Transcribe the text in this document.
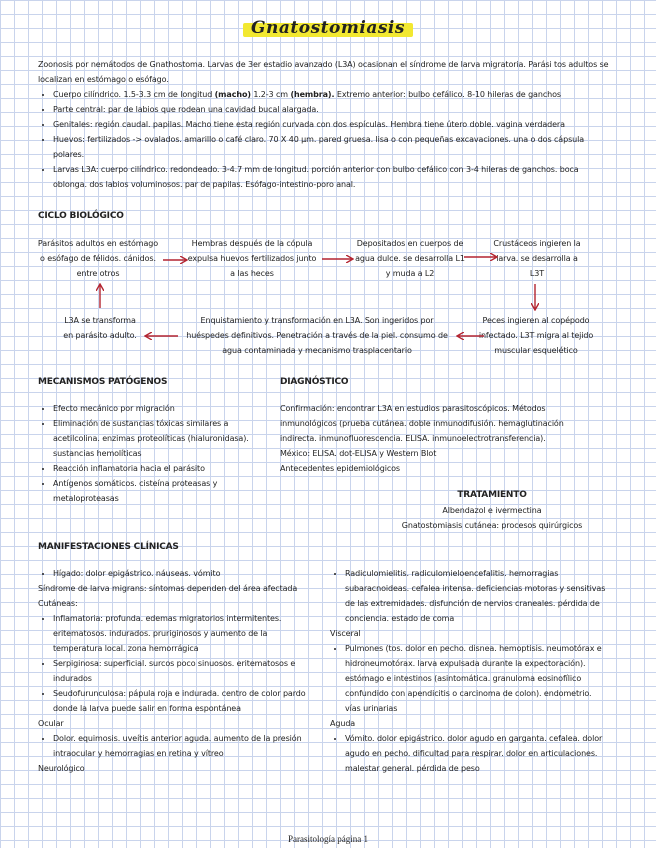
Gnatostomiasis

Zoonosis por nemátodos de Gnathostoma. Larvas de 3er estadio avanzado (L3A) ocasionan el síndrome de larva migratoria. Parási tos adultos se localizan en estómago o esófago.

• Cuerpo cilíndrico. 1.5-3.3 cm de longitud (macho) 1.2-3 cm (hembra). Extremo anterior: bulbo cefálico. 8-10 hileras de ganchos
• Parte central: par de labios que rodean una cavidad bucal alargada.
• Genitales: región caudal. papilas. Macho tiene esta región curvada con dos espículas. Hembra tiene útero doble. vagina verdadera
• Huevos: fertilizados -> ovalados. amarillo o café claro. 70 X 40 μm. pared gruesa. lisa o con pequeñas excavaciones. una o dos cápsula polares.
• Larvas L3A: cuerpo cilíndrico. redondeado. 3-4.7 mm de longitud. porción anterior con bulbo cefálico con 3-4 hileras de ganchos. boca oblonga. dos labios voluminosos. par de papilas. Esófago-intestino-poro anal.
CICLO BIOLÓGICO
Parásitos adultos en estómago o esófago de félidos. cánidos. entre otros
Hembras después de la cópula expulsa huevos fertilizados junto a las heces
Depositados en cuerpos de agua dulce. se desarrolla L1 y muda a L2
Crustáceos ingieren la larva. se desarrolla a L3T
Peces ingieren al copépodo infectado. L3T migra al tejido muscular esquelético
Enquistamiento y transformación en L3A. Son ingeridos por huéspedes definitivos. Penetración a través de la piel. consumo de agua contaminada y mecanismo trasplacentario
L3A se transforma en parásito adulto.
MECANISMOS PATÓGENOS
• Efecto mecánico por migración
• Eliminación de sustancias tóxicas similares a acetilcolina. enzimas proteolíticas (hialuronidasa). sustancias hemolíticas
• Reacción inflamatoria hacia el parásito
• Antígenos somáticos. cisteína proteasas y metaloproteasas
DIAGNÓSTICO

Confirmación: encontrar L3A en estudios parasitoscópicos. Métodos inmunológicos (prueba cutánea. doble inmunodifusión. hemaglutinación indirecta. inmunofluorescencia. ELISA. inmunoelectrotransferencia).

México: ELISA. dot-ELISA y Western Blot

Antecedentes epidemiológicos

TRATAMIENTO

Albendazol e ivermectina

Gnatostomiasis cutánea: procesos quirúrgicos

MANIFESTACIONES CLÍNICAS
• Hígado: dolor epigástrico. náuseas. vómito

Síndrome de larva migrans: síntomas dependen del área afectada

Cutáneas:

• Inflamatoria: profunda. edemas migratorios intermitentes. eritematosos. indurados. pruriginosos y aumento de la temperatura local. zona hemorrágica
• Serpiginosa: superficial. surcos poco sinuosos. eritematosos e indurados
• Seudofurunculosa: pápula roja e indurada. centro de color pardo donde la larva puede salir en forma espontánea

Ocular

• Dolor. equimosis. uveítis anterior aguda. aumento de la presión intraocular y hemorragias en retina y vítreo

Neurológico

• Radiculomielitis. radiculomieloencefalitis. hemorragias subaracnoideas. cefalea intensa. deficiencias motoras y sensitivas de las extremidades. disfunción de nervios craneales. pérdida de conciencia. estado de coma

Visceral

• Pulmones (tos. dolor en pecho. disnea. hemoptisis. neumotórax e hidroneumotórax. larva expulsada durante la expectoración). estómago e intestinos (asintomática. granuloma eosinofílico confundido con apendicitis o carcinoma de colon). endometrio. vías urinarias

Aguda

• Vómito. dolor epigástrico. dolor agudo en garganta. cefalea. dolor agudo en pecho. dificultad para respirar. dolor en articulaciones. malestar general. pérdida de peso
Parasitología página 1
